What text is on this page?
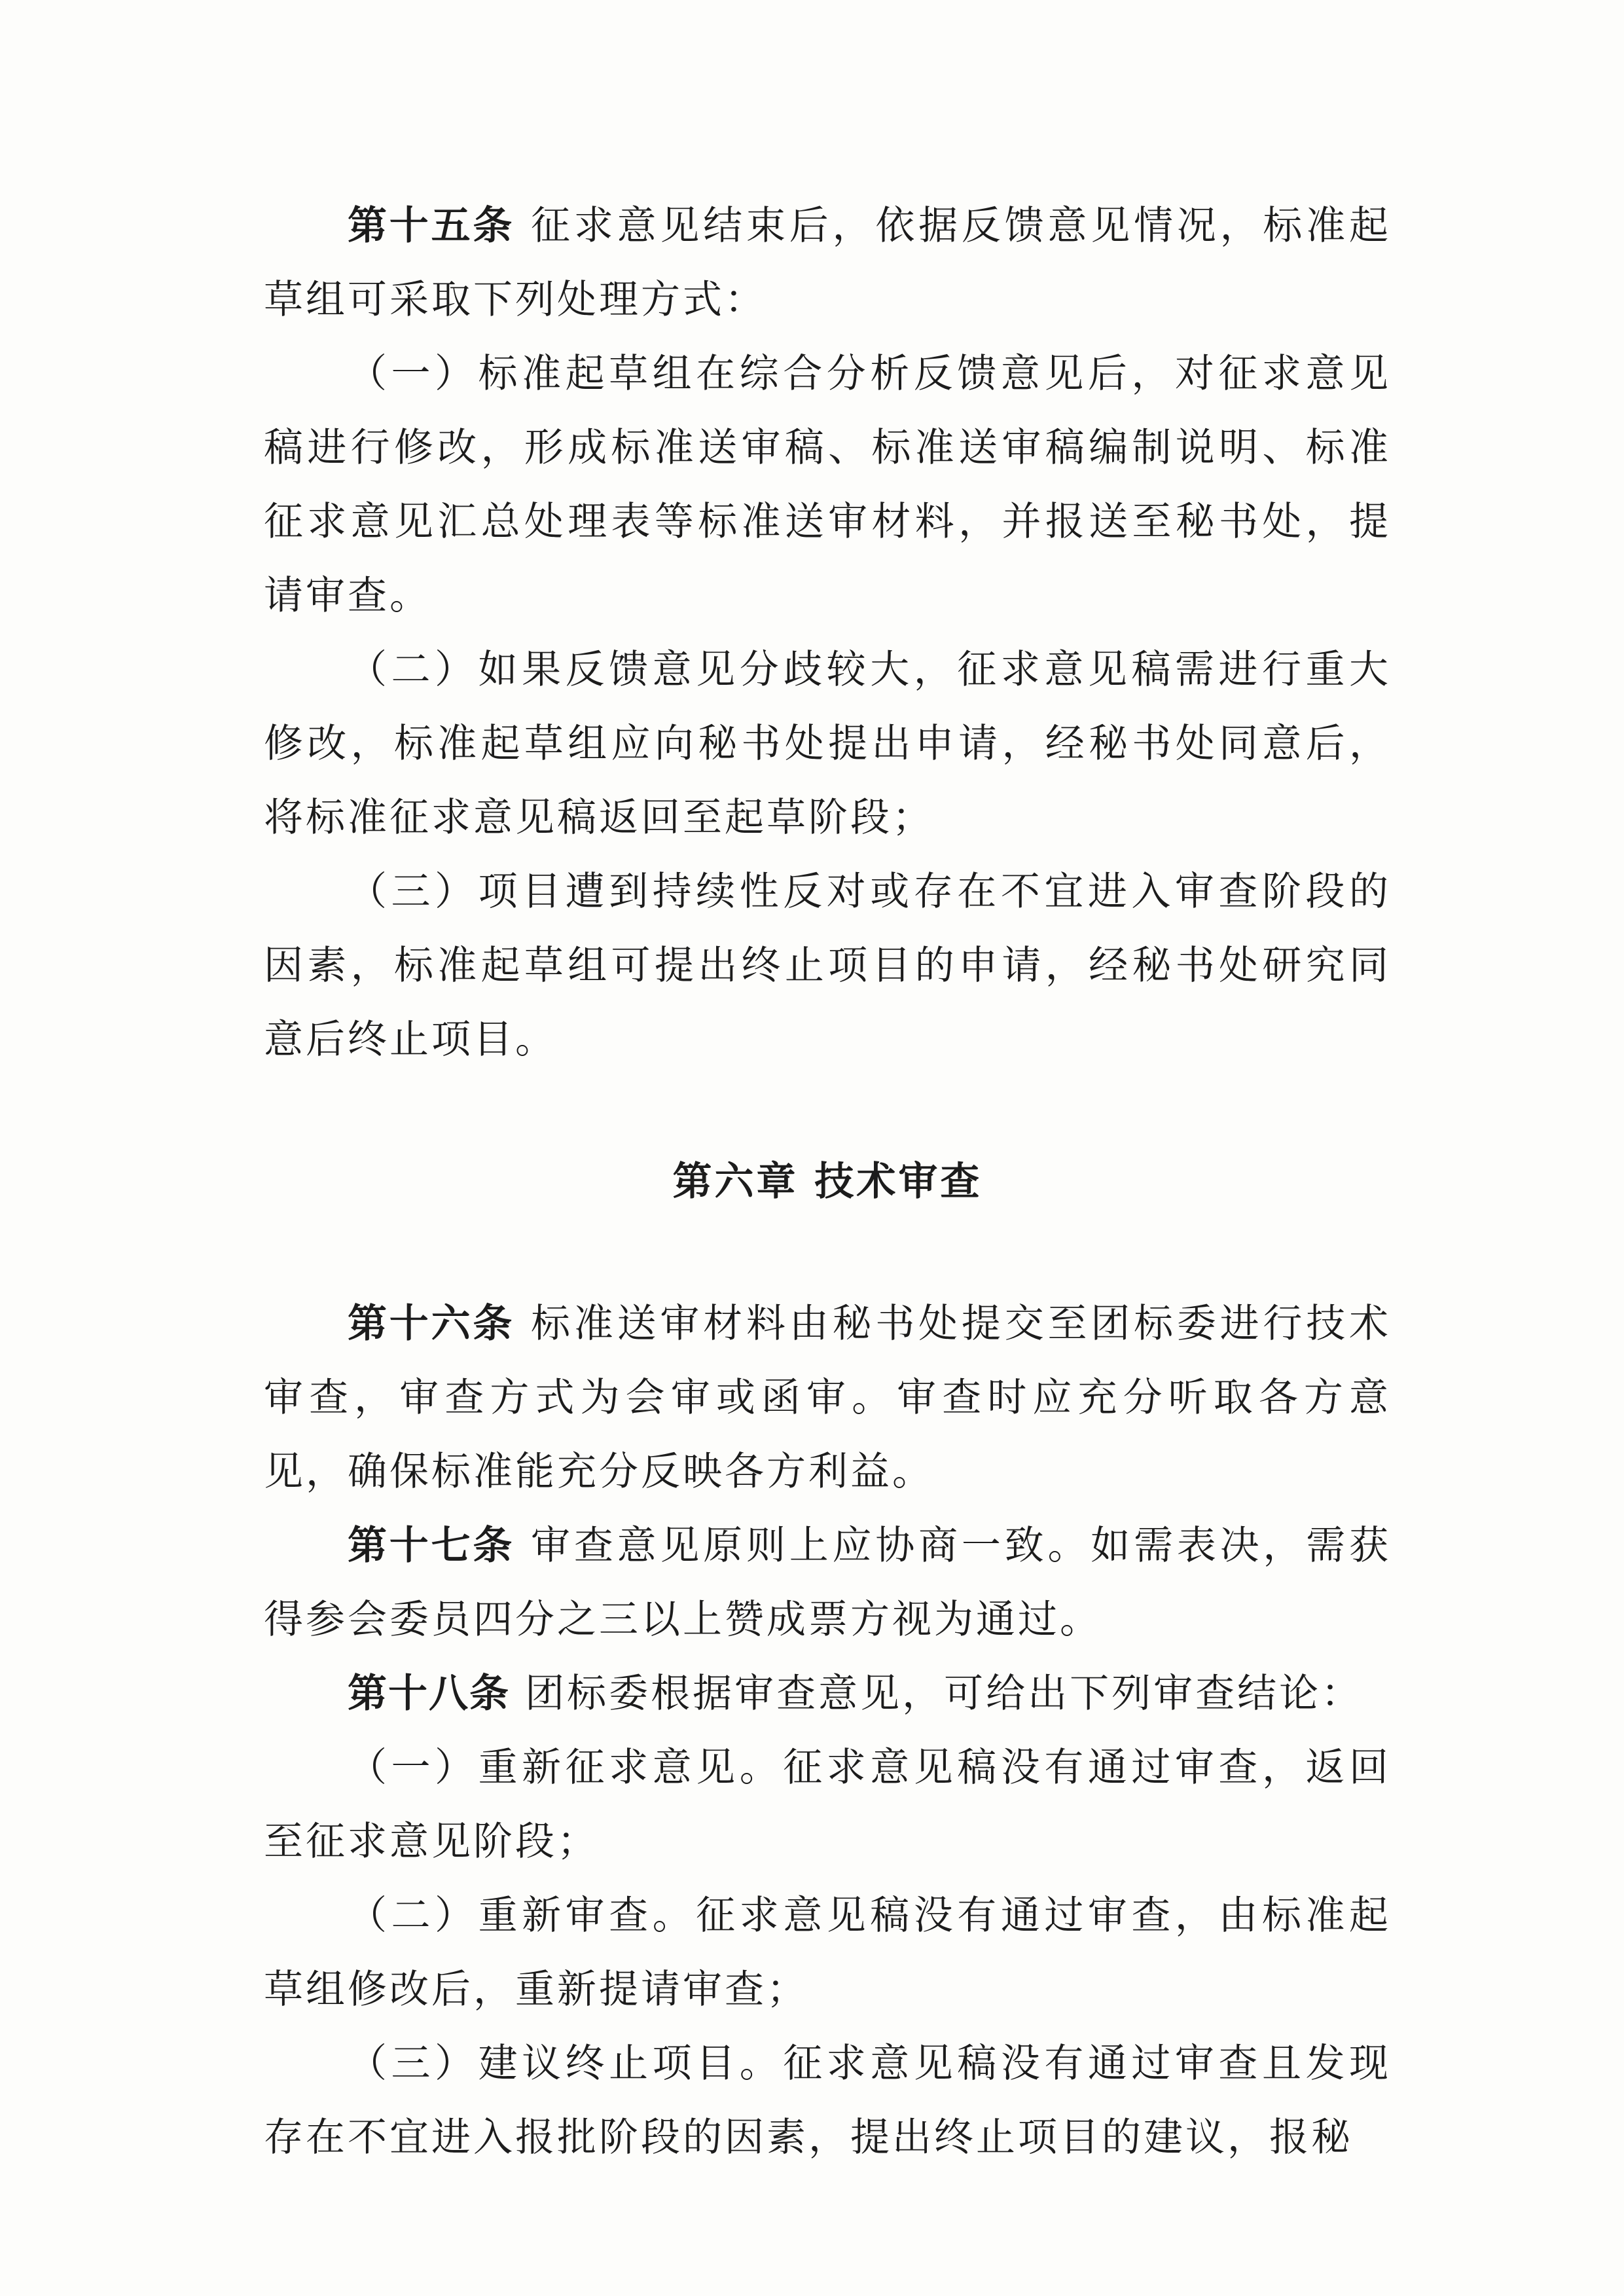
第十五条 征求意见结束后，依据反馈意见情况，标准起草组可采取下列处理方式：

（一）标准起草组在综合分析反馈意见后，对征求意见稿进行修改，形成标准送审稿、标准送审稿编制说明、标准征求意见汇总处理表等标准送审材料，并报送至秘书处，提请审查。

（二）如果反馈意见分歧较大，征求意见稿需进行重大修改，标准起草组应向秘书处提出申请，经秘书处同意后，将标准征求意见稿返回至起草阶段；

（三）项目遭到持续性反对或存在不宜进入审查阶段的因素，标准起草组可提出终止项目的申请，经秘书处研究同意后终止项目。

第六章 技术审查

第十六条 标准送审材料由秘书处提交至团标委进行技术审查，审查方式为会审或函审。审查时应充分听取各方意见，确保标准能充分反映各方利益。

第十七条 审查意见原则上应协商一致。如需表决，需获得参会委员四分之三以上赞成票方视为通过。

第十八条 团标委根据审查意见，可给出下列审查结论：

（一）重新征求意见。征求意见稿没有通过审查，返回至征求意见阶段；

（二）重新审查。征求意见稿没有通过审查，由标准起草组修改后，重新提请审查；

（三）建议终止项目。征求意见稿没有通过审查且发现存在不宜进入报批阶段的因素，提出终止项目的建议，报秘
